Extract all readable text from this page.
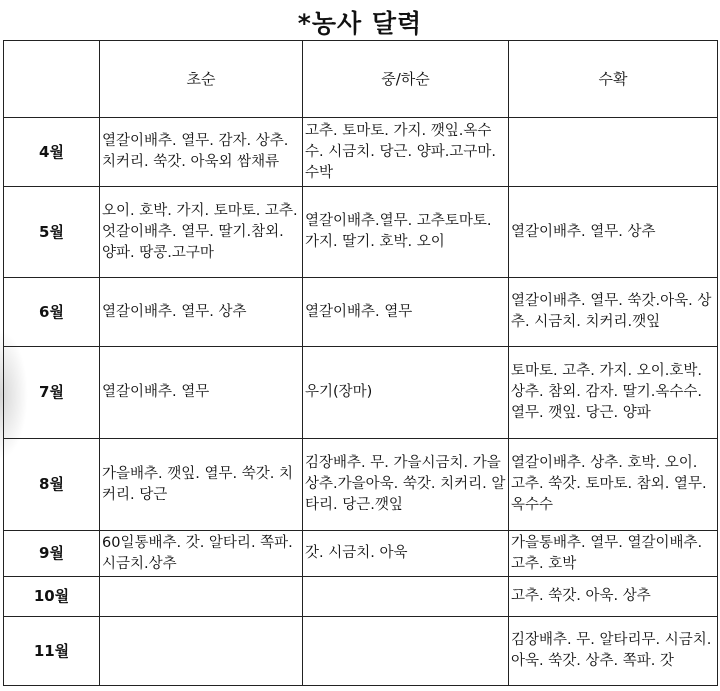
*농사 달력
	초순	중/하순	수확
4월	열갈이배추. 열무. 감자. 상추. 치커리. 쑥갓. 아욱외 쌈채류	고추. 토마토. 가지. 깻잎.옥수수. 시금치. 당근. 양파.고구마. 수박	
5월	오이. 호박. 가지. 토마토. 고추. 엇갈이배추. 열무. 딸기.참외. 양파. 땅콩.고구마	열갈이배추.열무. 고추토마토. 가지. 딸기. 호박. 오이	열갈이배추. 열무. 상추
6월	열갈이배추. 열무. 상추	열갈이배추. 열무	열갈이배추. 열무. 쑥갓.아욱. 상추. 시금치. 치커리.깻잎
7월	열갈이배추. 열무	우기(장마)	토마토. 고추. 가지. 오이.호박. 상추. 참외. 감자. 딸기.옥수수. 열무. 깻잎. 당근. 양파
8월	가을배추. 깻잎. 열무. 쑥갓. 치커리. 당근	김장배추. 무. 가을시금치. 가을상추.가을아욱. 쑥갓. 치커리. 알타리. 당근.깻잎	열갈이배추. 상추. 호박. 오이. 고추. 쑥갓. 토마토. 참외. 열무.옥수수
9월	60일통배추. 갓. 알타리. 쪽파. 시금치.상추	갓. 시금치. 아욱	가을통배추. 열무. 열갈이배추. 고추. 호박
10월			고추. 쑥갓. 아욱. 상추
11월			김장배추. 무. 알타리무. 시금치. 아욱. 쑥갓. 상추. 쪽파. 갓
